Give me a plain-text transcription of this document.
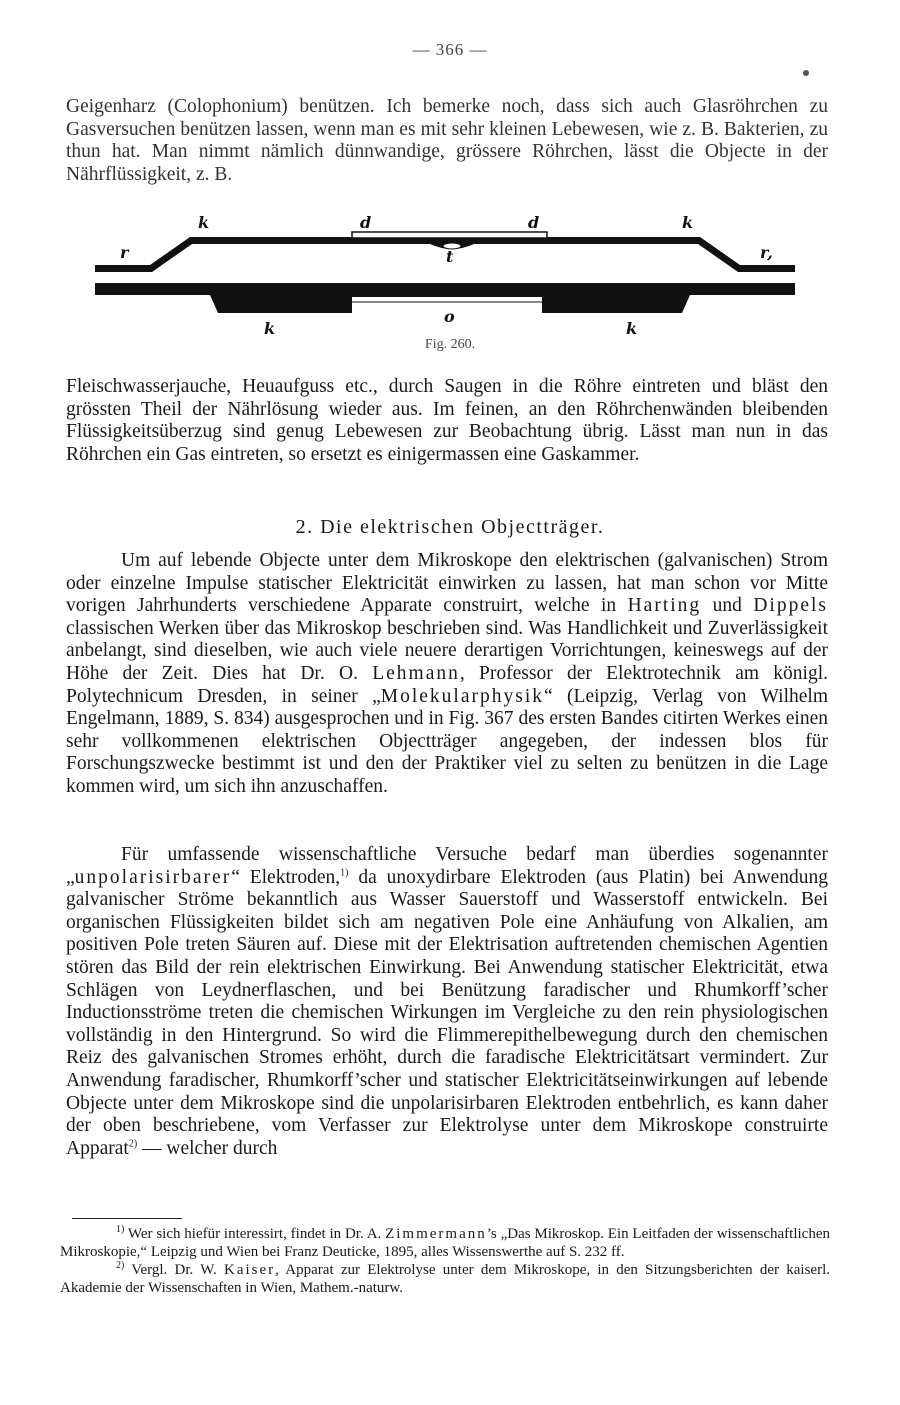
— 366 —

Geigenharz (Colophonium) benützen. Ich bemerke noch, dass sich auch Glasröhrchen zu Gasversuchen benützen lassen, wenn man es mit sehr kleinen Lebewesen, wie z. B. Bakterien, zu thun hat. Man nimmt nämlich dünnwandige, grössere Röhrchen, lässt die Objecte in der Nährflüssigkeit, z. B.

k	d	d	k
r	t	r,
k
o
k
Fig. 260.

Fleischwasserjauche, Heuaufguss etc., durch Saugen in die Röhre eintreten und bläst den grössten Theil der Nährlösung wieder aus. Im feinen, an den Röhrchenwänden bleibenden Flüssigkeitsüberzug sind genug Lebewesen zur Beobachtung übrig. Lässt man nun in das Röhrchen ein Gas eintreten, so ersetzt es einigermassen eine Gaskammer.

2. Die elektrischen Objectträger.

Um auf lebende Objecte unter dem Mikroskope den elektrischen (galvanischen) Strom oder einzelne Impulse statischer Elektricität einwirken zu lassen, hat man schon vor Mitte vorigen Jahrhunderts verschiedene Apparate construirt, welche in Harting und Dippels classischen Werken über das Mikroskop beschrieben sind. Was Handlichkeit und Zuverlässigkeit anbelangt, sind dieselben, wie auch viele neuere derartigen Vorrichtungen, keineswegs auf der Höhe der Zeit. Dies hat Dr. O. Lehmann, Professor der Elektrotechnik am königl. Polytechnicum Dresden, in seiner „Molekularphysik“ (Leipzig, Verlag von Wilhelm Engelmann, 1889, S. 834) ausgesprochen und in Fig. 367 des ersten Bandes citirten Werkes einen sehr vollkommenen elektrischen Objectträger angegeben, der indessen blos für Forschungszwecke bestimmt ist und den der Praktiker viel zu selten zu benützen in die Lage kommen wird, um sich ihn anzuschaffen.

Für umfassende wissenschaftliche Versuche bedarf man überdies sogenannter „unpolarisirbarer“ Elektroden,$^{1)}$ da unoxydirbare Elektroden (aus Platin) bei Anwendung galvanischer Ströme bekanntlich aus Wasser Sauerstoff und Wasserstoff entwickeln. Bei organischen Flüssigkeiten bildet sich am negativen Pole eine Anhäufung von Alkalien, am positiven Pole treten Säuren auf. Diese mit der Elektrisation auftretenden chemischen Agentien stören das Bild der rein elektrischen Einwirkung. Bei Anwendung statischer Elektricität, etwa Schlägen von Leydnerflaschen, und bei Benützung faradischer und Rhumkorff’scher Inductionsströme treten die chemischen Wirkungen im Vergleiche zu den rein physiologischen vollständig in den Hintergrund. So wird die Flimmerepithelbewegung durch den chemischen Reiz des galvanischen Stromes erhöht, durch die faradische Elektricitätsart vermindert. Zur Anwendung faradischer, Rhumkorff’scher und statischer Elektricitätseinwirkungen auf lebende Objecte unter dem Mikroskope sind die unpolarisirbaren Elektroden entbehrlich, es kann daher der oben beschriebene, vom Verfasser zur Elektrolyse unter dem Mikroskope construirte Apparat$^{2)}$ — welcher durch

$^{1)}$ Wer sich hiefür interessirt, findet in Dr. A. Zimmermann’s „Das Mikroskop. Ein Leitfaden der wissenschaftlichen Mikroskopie,“ Leipzig und Wien bei Franz Deuticke, 1895, alles Wissenswerthe auf S. 232 ff.

$^{2)}$ Vergl. Dr. W. Kaiser, Apparat zur Elektrolyse unter dem Mikroskope, in den Sitzungsberichten der kaiserl. Akademie der Wissenschaften in Wien, Mathem.-naturw.
